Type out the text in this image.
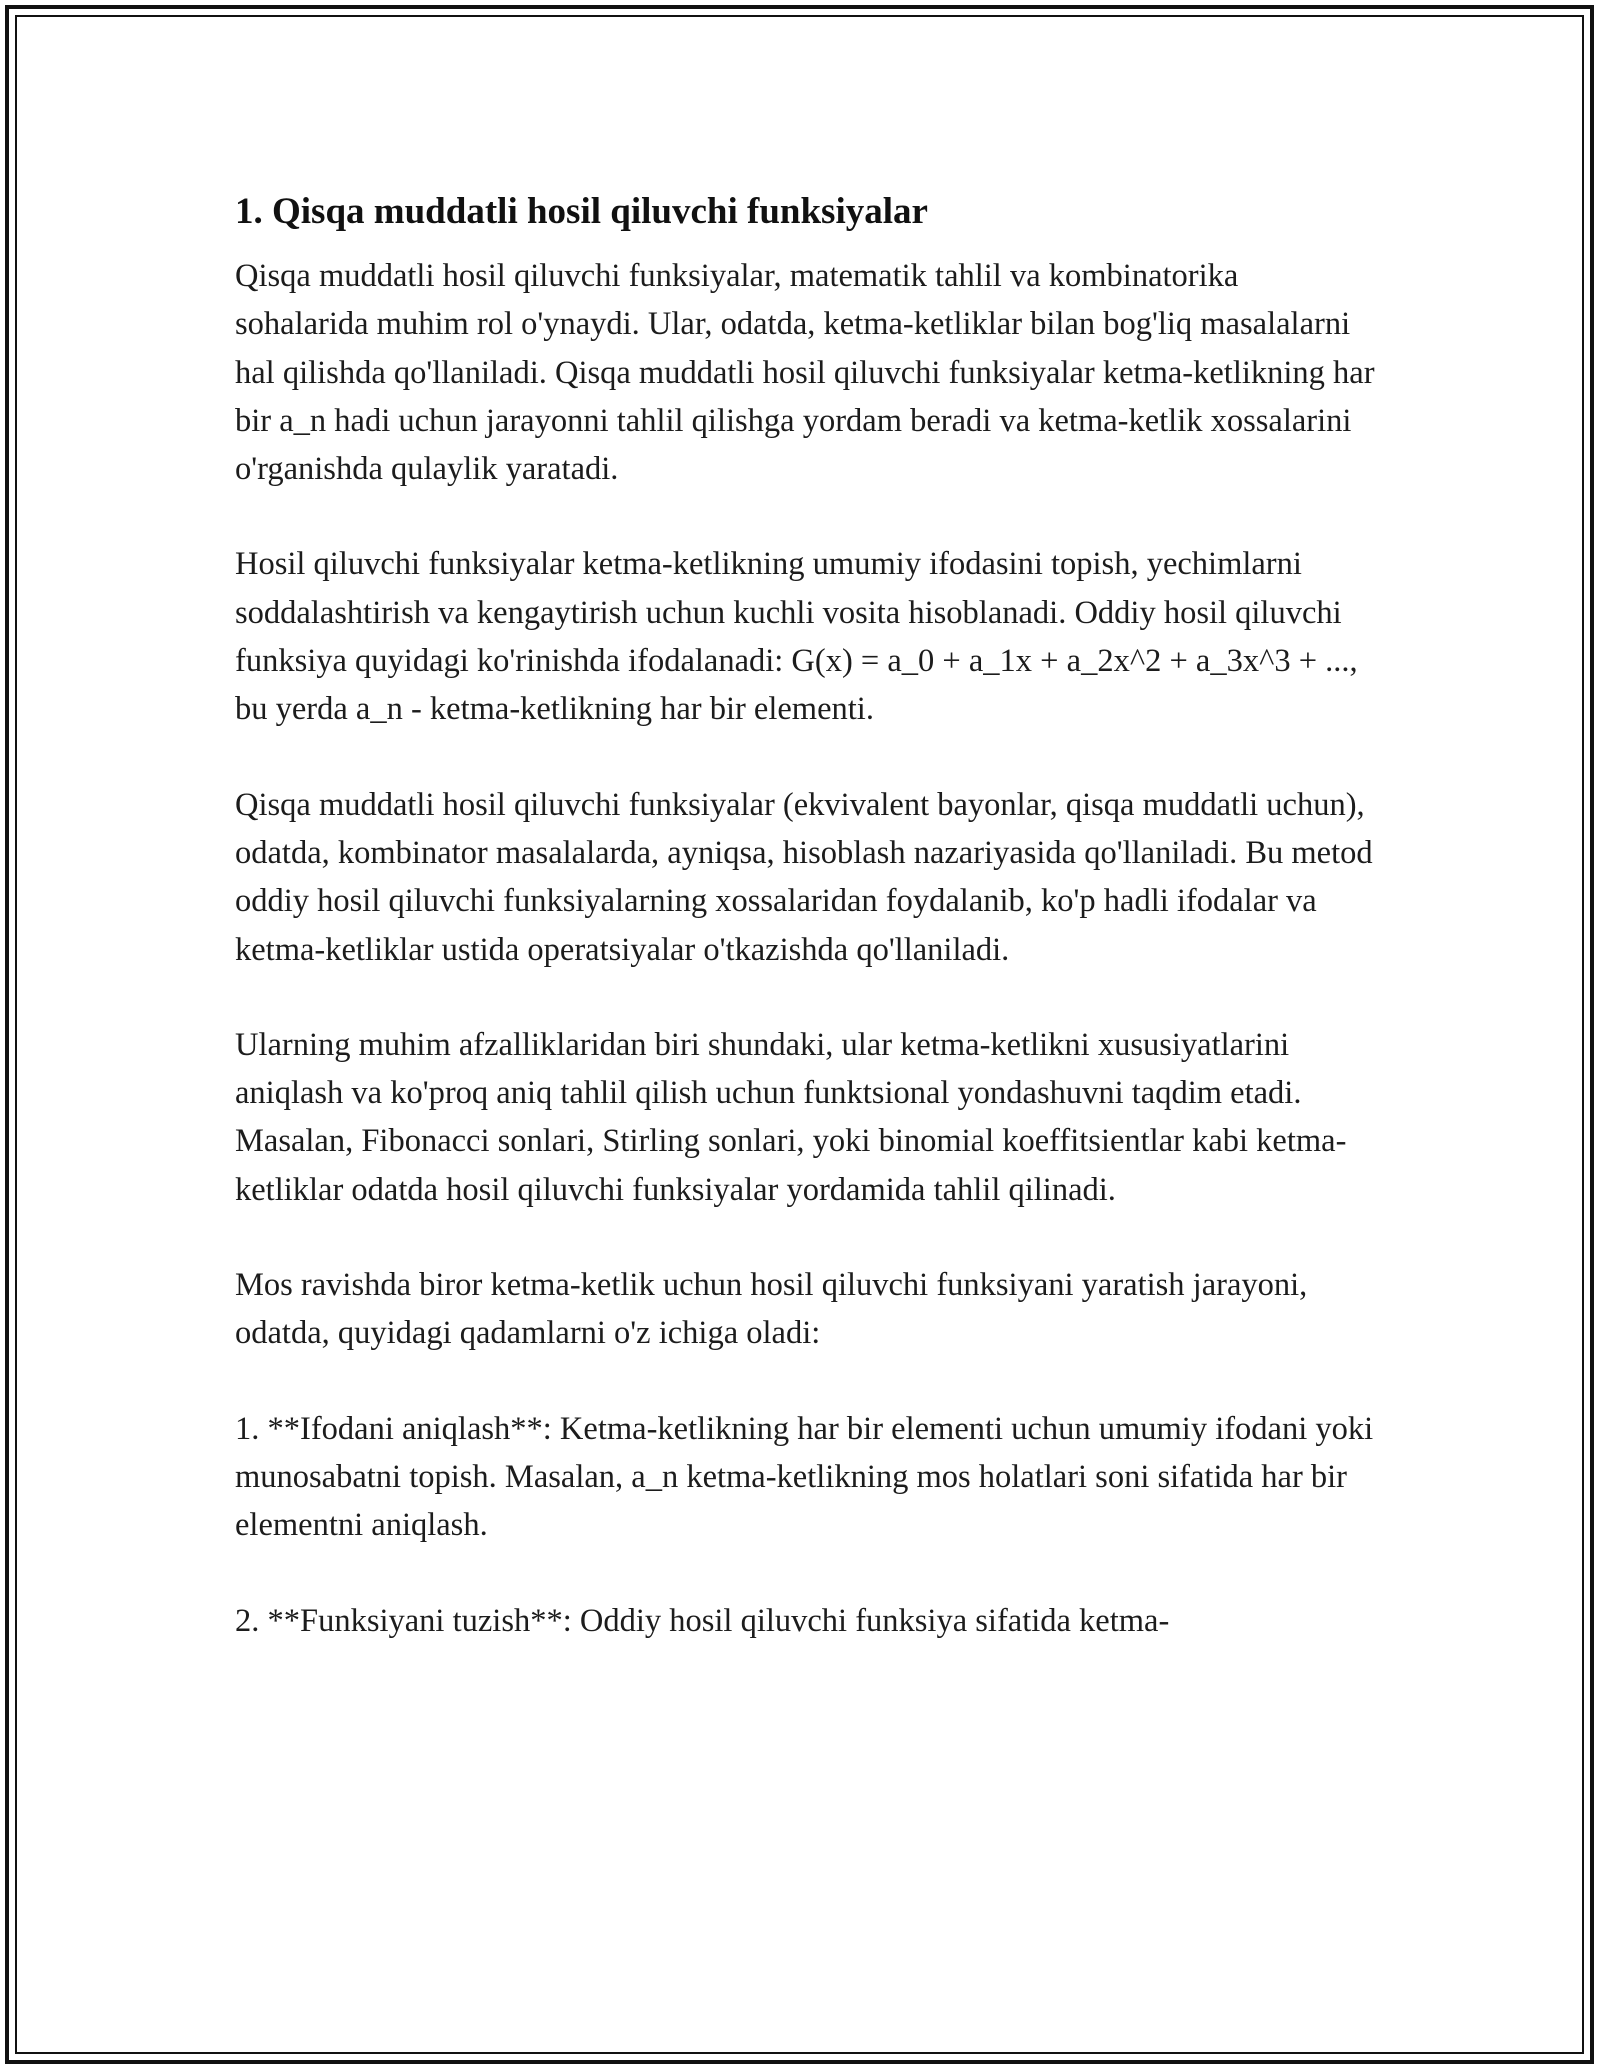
1. Qisqa muddatli hosil qiluvchi funksiyalar

Qisqa muddatli hosil qiluvchi funksiyalar, matematik tahlil va kombinatorika sohalarida muhim rol o'ynaydi. Ular, odatda, ketma-ketliklar bilan bog'liq masalalarni hal qilishda qo'llaniladi. Qisqa muddatli hosil qiluvchi funksiyalar ketma-ketlikning har bir a_n hadi uchun jarayonni tahlil qilishga yordam beradi va ketma-ketlik xossalarini o'rganishda qulaylik yaratadi.

Hosil qiluvchi funksiyalar ketma-ketlikning umumiy ifodasini topish, yechimlarni soddalashtirish va kengaytirish uchun kuchli vosita hisoblanadi. Oddiy hosil qiluvchi funksiya quyidagi ko'rinishda ifodalanadi: G(x) = a_0 + a_1x + a_2x^2 + a_3x^3 + ..., bu yerda a_n - ketma-ketlikning har bir elementi.

Qisqa muddatli hosil qiluvchi funksiyalar (ekvivalent bayonlar, qisqa muddatli uchun), odatda, kombinator masalalarda, ayniqsa, hisoblash nazariyasida qo'llaniladi. Bu metod oddiy hosil qiluvchi funksiyalarning xossalaridan foydalanib, ko'p hadli ifodalar va ketma-ketliklar ustida operatsiyalar o'tkazishda qo'llaniladi.

Ularning muhim afzalliklaridan biri shundaki, ular ketma-ketlikni xususiyatlarini aniqlash va ko'proq aniq tahlil qilish uchun funktsional yondashuvni taqdim etadi. Masalan, Fibonacci sonlari, Stirling sonlari, yoki binomial koeffitsientlar kabi ketma-ketliklar odatda hosil qiluvchi funksiyalar yordamida tahlil qilinadi.

Mos ravishda biror ketma-ketlik uchun hosil qiluvchi funksiyani yaratish jarayoni, odatda, quyidagi qadamlarni o'z ichiga oladi:

1. **Ifodani aniqlash**: Ketma-ketlikning har bir elementi uchun umumiy ifodani yoki munosabatni topish. Masalan, a_n ketma-ketlikning mos holatlari soni sifatida har bir elementni aniqlash.

2. **Funksiyani tuzish**: Oddiy hosil qiluvchi funksiya sifatida ketma-
